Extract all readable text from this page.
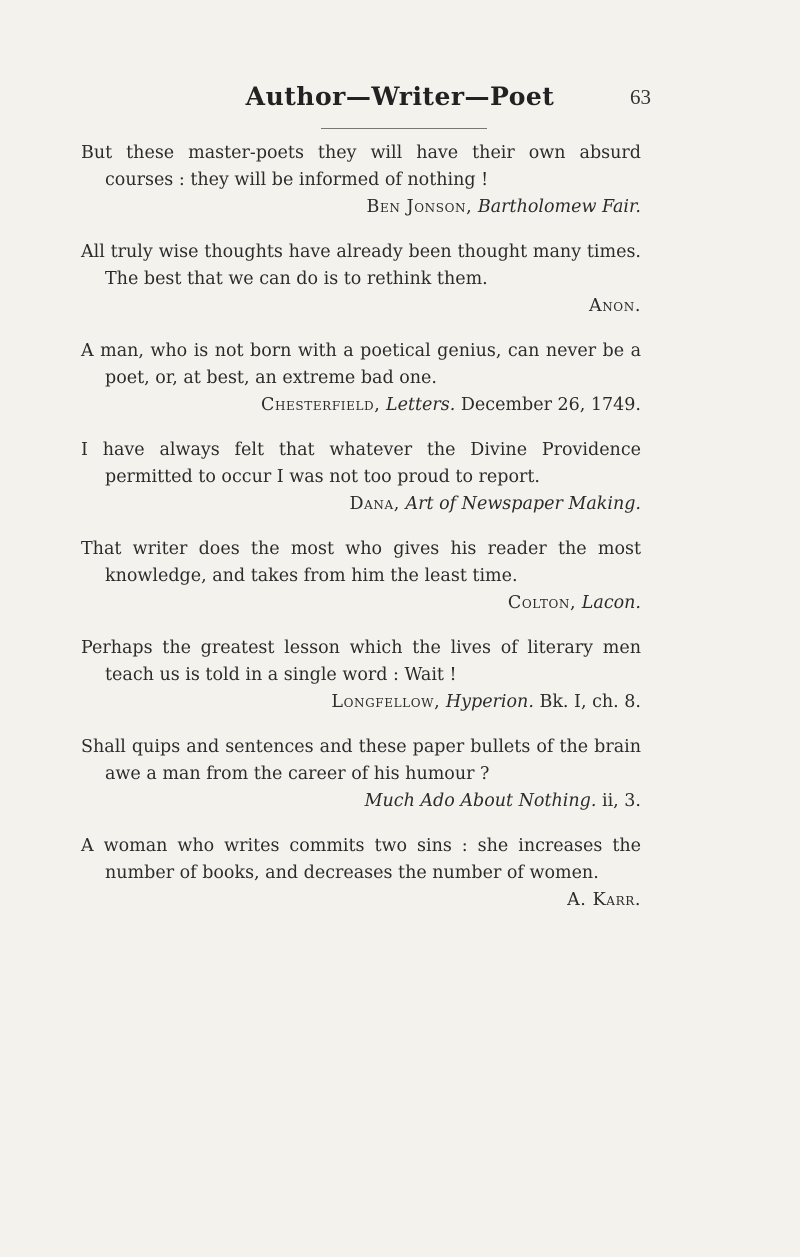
Author—Writer—Poet	63
But these master-poets they will have their own absurd courses : they will be informed of nothing !
Ben Jonson, Bartholomew Fair.
All truly wise thoughts have already been thought many times. The best that we can do is to rethink them.
Anon.
A man, who is not born with a poetical genius, can never be a poet, or, at best, an extreme bad one.
Chesterfield, Letters. December 26, 1749.
I have always felt that whatever the Divine Providence permitted to occur I was not too proud to report.
Dana, Art of Newspaper Making.
That writer does the most who gives his reader the most knowledge, and takes from him the least time.
Colton, Lacon.
Perhaps the greatest lesson which the lives of literary men teach us is told in a single word : Wait !
Longfellow, Hyperion. Bk. I, ch. 8.
Shall quips and sentences and these paper bullets of the brain awe a man from the career of his humour ?
Much Ado About Nothing. ii, 3.
A woman who writes commits two sins : she increases the number of books, and decreases the number of women.
A. Karr.
